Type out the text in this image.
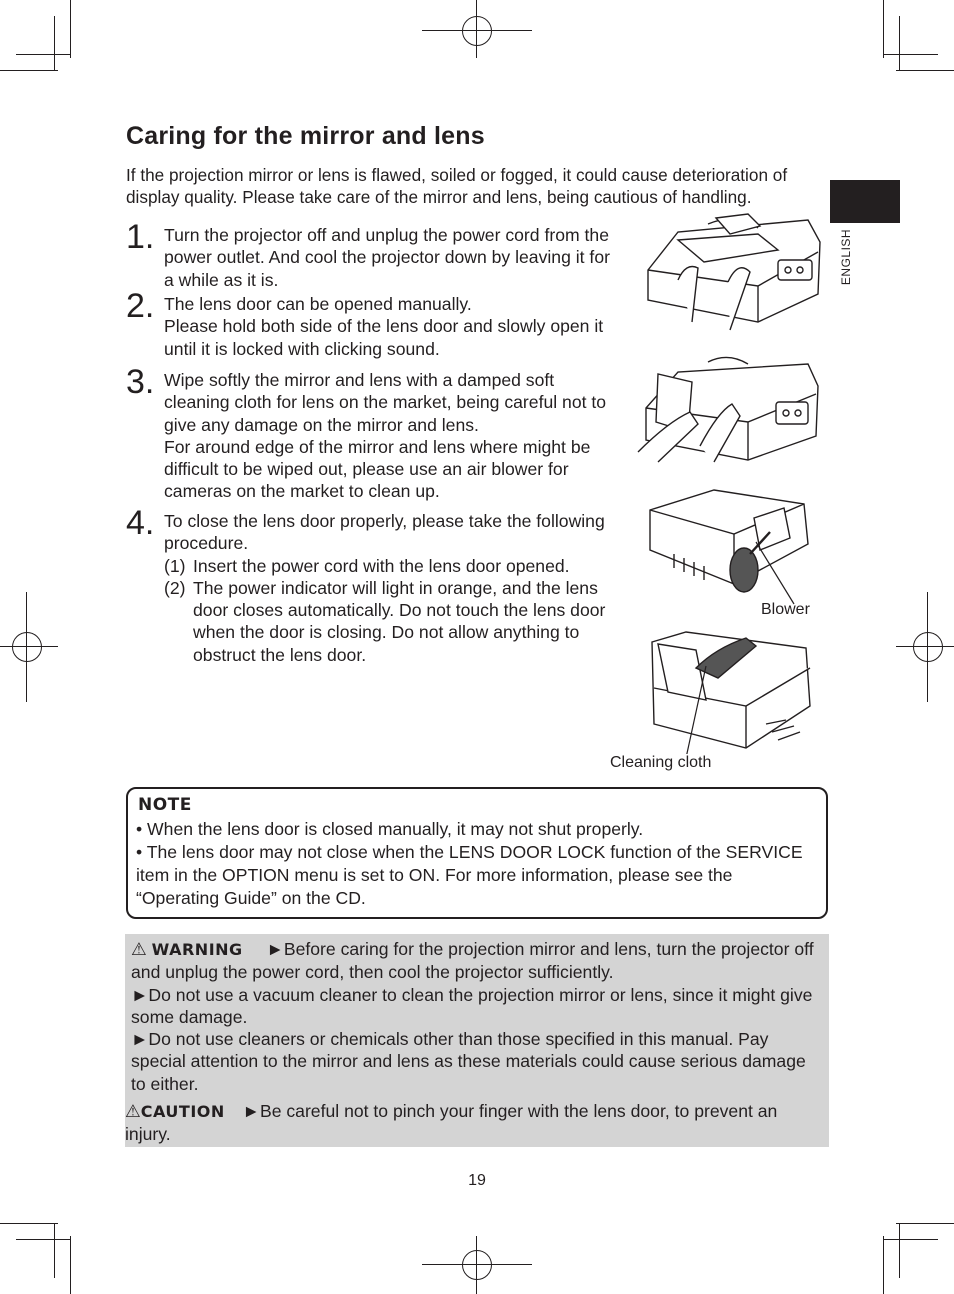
Caring for the mirror and lens
If the projection mirror or lens is flawed, soiled or fogged, it could cause deterioration of display quality. Please take care of the mirror and lens, being cautious of handling.
ENGLISH
1. Turn the projector off and unplug the power cord from the power outlet. And cool the projector down by leaving it for a while as it is.

2. The lens door can be opened manually.

Please hold both side of the lens door and slowly open it until it is locked with clicking sound.

3. Wipe softly the mirror and lens with a damped soft cleaning cloth for lens on the market, being careful not to give any damage on the mirror and lens.

For around edge of the mirror and lens where might be difficult to be wiped out, please use an air blower for cameras on the market to clean up.

4. To close the lens door properly, please take the following procedure.

(1) Insert the power cord with the lens door opened.
(2) The power indicator will light in orange, and the lens door closes automatically. Do not touch the lens door when the door is closing. Do not allow anything to obstruct the lens door.
Blower
Cleaning cloth
NOTE

• When the lens door is closed manually, it may not shut properly.

• The lens door may not close when the LENS DOOR LOCK function of the SERVICE item in the OPTION menu is set to ON. For more information, please see the “Operating Guide” on the CD.

⚠ WARNING ►Before caring for the projection mirror and lens, turn the projector off and unplug the power cord, then cool the projector sufficiently.

►Do not use a vacuum cleaner to clean the projection mirror or lens, since it might give some damage.

►Do not use cleaners or chemicals other than those specified in this manual. Pay special attention to the mirror and lens as these materials could cause serious damage to either.

⚠CAUTION ►Be careful not to pinch your finger with the lens door, to prevent an injury.

19
